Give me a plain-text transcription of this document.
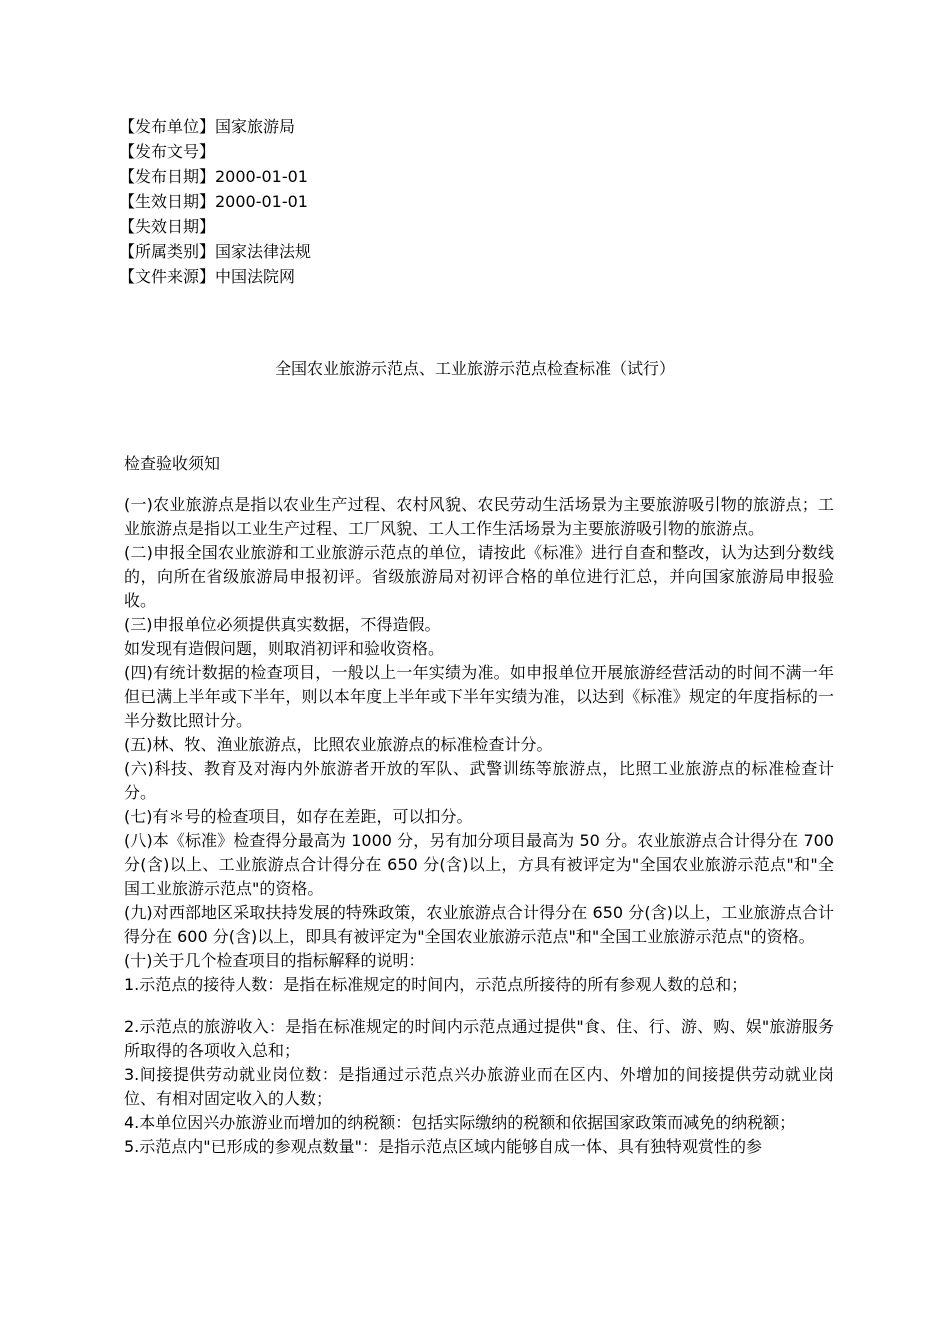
【发布单位】国家旅游局
【发布文号】
【发布日期】2000-01-01
【生效日期】2000-01-01
【失效日期】
【所属类别】国家法律法规
【文件来源】中国法院网
全国农业旅游示范点、工业旅游示范点检查标准（试行）
检查验收须知

(一)农业旅游点是指以农业生产过程、农村风貌、农民劳动生活场景为主要旅游吸引物的旅游点；工业旅游点是指以工业生产过程、工厂风貌、工人工作生活场景为主要旅游吸引物的旅游点。

(二)申报全国农业旅游和工业旅游示范点的单位，请按此《标准》进行自查和整改，认为达到分数线的，向所在省级旅游局申报初评。省级旅游局对初评合格的单位进行汇总，并向国家旅游局申报验收。

(三)申报单位必须提供真实数据，不得造假。

如发现有造假问题，则取消初评和验收资格。

(四)有统计数据的检查项目，一般以上一年实绩为准。如申报单位开展旅游经营活动的时间不满一年但已满上半年或下半年，则以本年度上半年或下半年实绩为准，以达到《标准》规定的年度指标的一半分数比照计分。

(五)林、牧、渔业旅游点，比照农业旅游点的标准检查计分。

(六)科技、教育及对海内外旅游者开放的军队、武警训练等旅游点，比照工业旅游点的标准检查计分。

(七)有＊号的检查项目，如存在差距，可以扣分。

(八)本《标准》检查得分最高为 1000 分，另有加分项目最高为 50 分。农业旅游点合计得分在 700 分(含)以上、工业旅游点合计得分在 650 分(含)以上，方具有被评定为"全国农业旅游示范点"和"全国工业旅游示范点"的资格。

(九)对西部地区采取扶持发展的特殊政策，农业旅游点合计得分在 650 分(含)以上，工业旅游点合计得分在 600 分(含)以上，即具有被评定为"全国农业旅游示范点"和"全国工业旅游示范点"的资格。

(十)关于几个检查项目的指标解释的说明：

1.示范点的接待人数：是指在标准规定的时间内，示范点所接待的所有参观人数的总和；

2.示范点的旅游收入：是指在标准规定的时间内示范点通过提供"食、住、行、游、购、娱"旅游服务所取得的各项收入总和；

3.间接提供劳动就业岗位数：是指通过示范点兴办旅游业而在区内、外增加的间接提供劳动就业岗位、有相对固定收入的人数；

4.本单位因兴办旅游业而增加的纳税额：包括实际缴纳的税额和依据国家政策而减免的纳税额；

5.示范点内"已形成的参观点数量"：是指示范点区域内能够自成一体、具有独特观赏性的参
